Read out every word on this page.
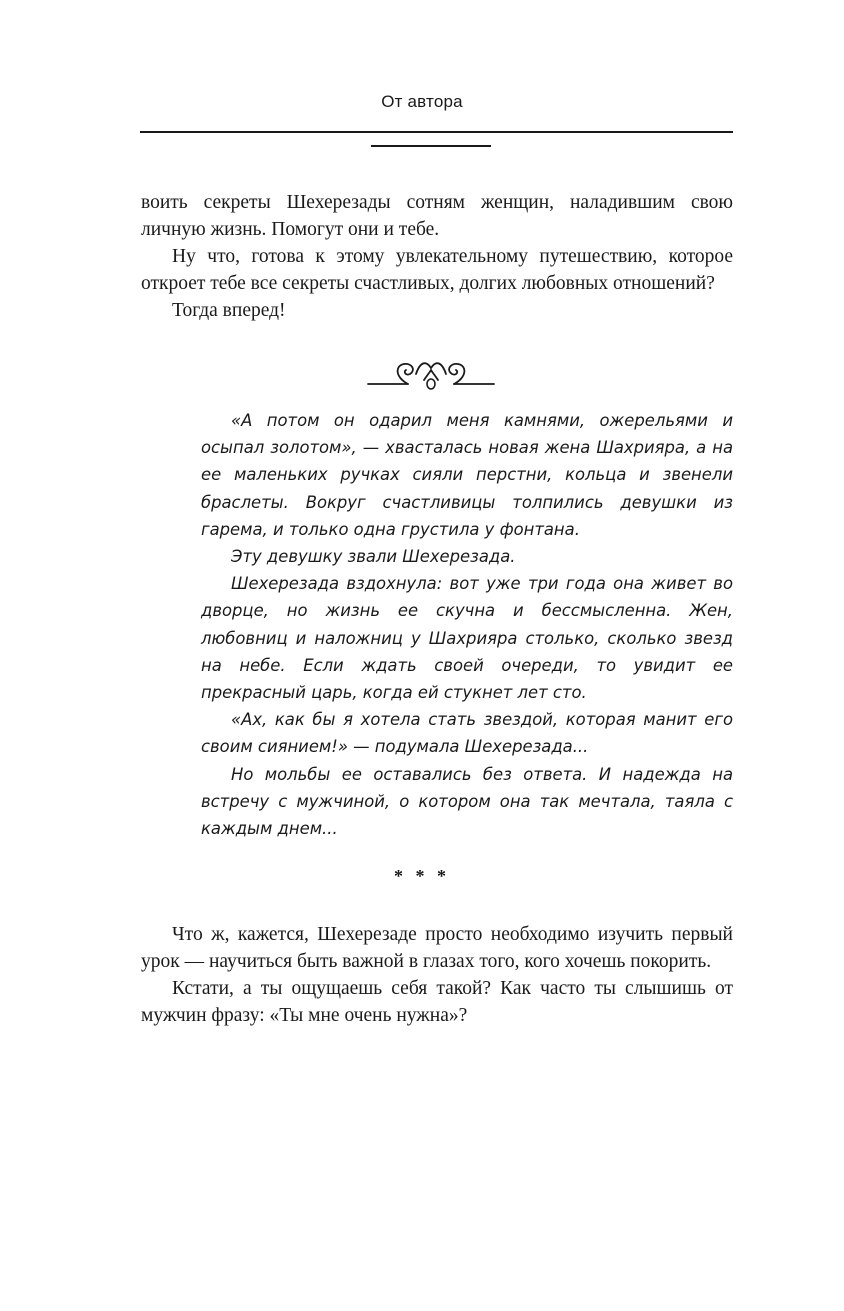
От автора

воить секреты Шехерезады сотням женщин, наладившим свою личную жизнь. Помогут они и тебе.

Ну что, готова к этому увлекательному путешествию, которое откроет тебе все секреты счастливых, долгих любовных отношений?

Тогда вперед!

«А потом он одарил меня камнями, ожерельями и осыпал золотом», — хвасталась новая жена Шахрияра, а на ее маленьких ручках сияли перстни, кольца и звенели браслеты. Вокруг счастливицы толпились девушки из гарема, и только одна грустила у фонтана.

Эту девушку звали Шехерезада.

Шехерезада вздохнула: вот уже три года она живет во дворце, но жизнь ее скучна и бессмысленна. Жен, любовниц и наложниц у Шахрияра столько, сколько звезд на небе. Если ждать своей очереди, то увидит ее прекрасный царь, когда ей стукнет лет сто.

«Ах, как бы я хотела стать звездой, которая манит его своим сиянием!» — подумала Шехерезада...

Но мольбы ее оставались без ответа. И надежда на встречу с мужчиной, о котором она так мечтала, таяла с каждым днем...

* * *

Что ж, кажется, Шехерезаде просто необходимо изучить первый урок — научиться быть важной в глазах того, кого хочешь покорить.

Кстати, а ты ощущаешь себя такой? Как часто ты слышишь от мужчин фразу: «Ты мне очень нужна»?
